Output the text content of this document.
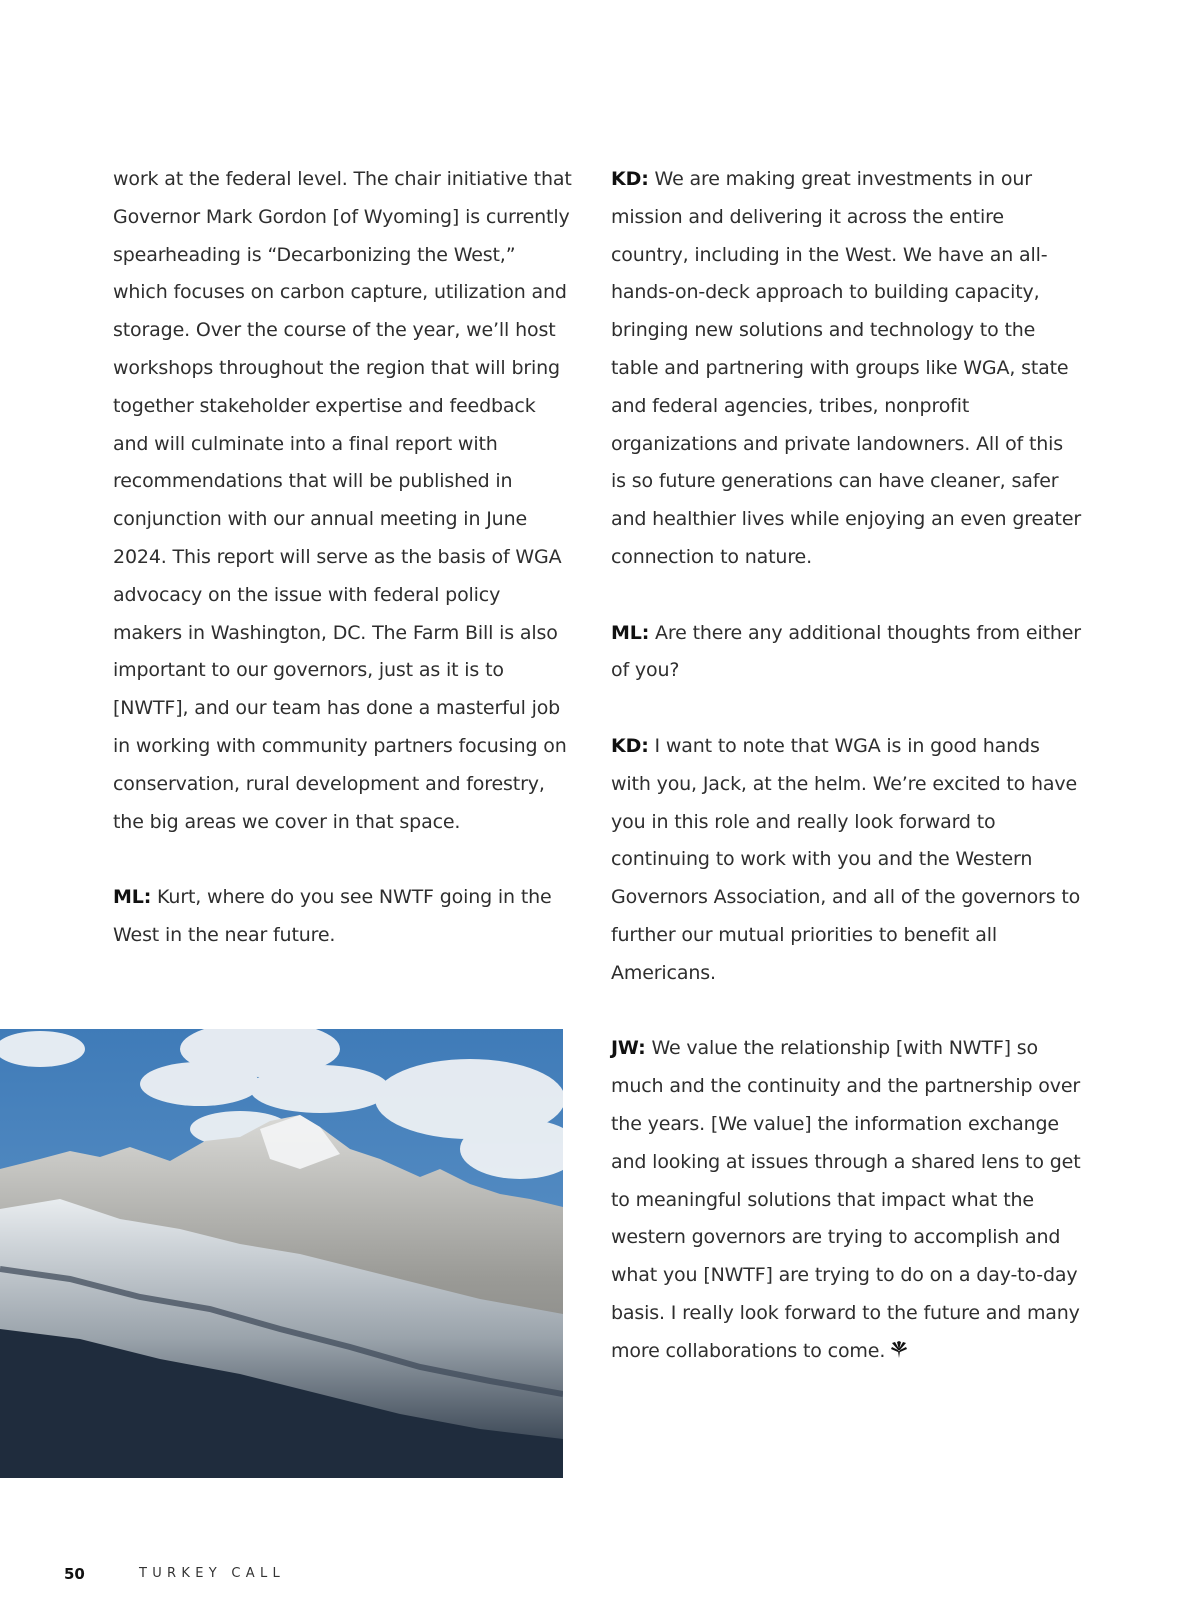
work at the federal level. The chair initiative that Governor Mark Gordon [of Wyoming] is currently spearheading is “Decarbonizing the West,” which focuses on carbon capture, utilization and storage. Over the course of the year, we’ll host workshops throughout the region that will bring together stakeholder expertise and feedback and will culminate into a final report with recommendations that will be published in conjunction with our annual meeting in June 2024. This report will serve as the basis of WGA advocacy on the issue with federal policy makers in Washington, DC. The Farm Bill is also important to our governors, just as it is to [NWTF], and our team has done a masterful job in working with community partners focusing on conservation, rural development and forestry, the big areas we cover in that space.

ML: Kurt, where do you see NWTF going in the West in the near future.

KD: We are making great investments in our mission and delivering it across the entire country, including in the West. We have an all-hands-on-deck approach to building capacity, bringing new solutions and technology to the table and partnering with groups like WGA, state and federal agencies, tribes, nonprofit organizations and private landowners. All of this is so future generations can have cleaner, safer and healthier lives while enjoying an even greater connection to nature.

ML: Are there any additional thoughts from either of you?

KD: I want to note that WGA is in good hands with you, Jack, at the helm. We’re excited to have you in this role and really look forward to continuing to work with you and the Western Governors Association, and all of the governors to further our mutual priorities to benefit all Americans.

JW: We value the relationship [with NWTF] so much and the continuity and the partnership over the years. [We value] the information exchange and looking at issues through a shared lens to get to meaningful solutions that impact what the western governors are trying to accomplish and what you [NWTF] are trying to do on a day-to-day basis. I really look forward to the future and many more collaborations to come.

50	TURKEY CALL
